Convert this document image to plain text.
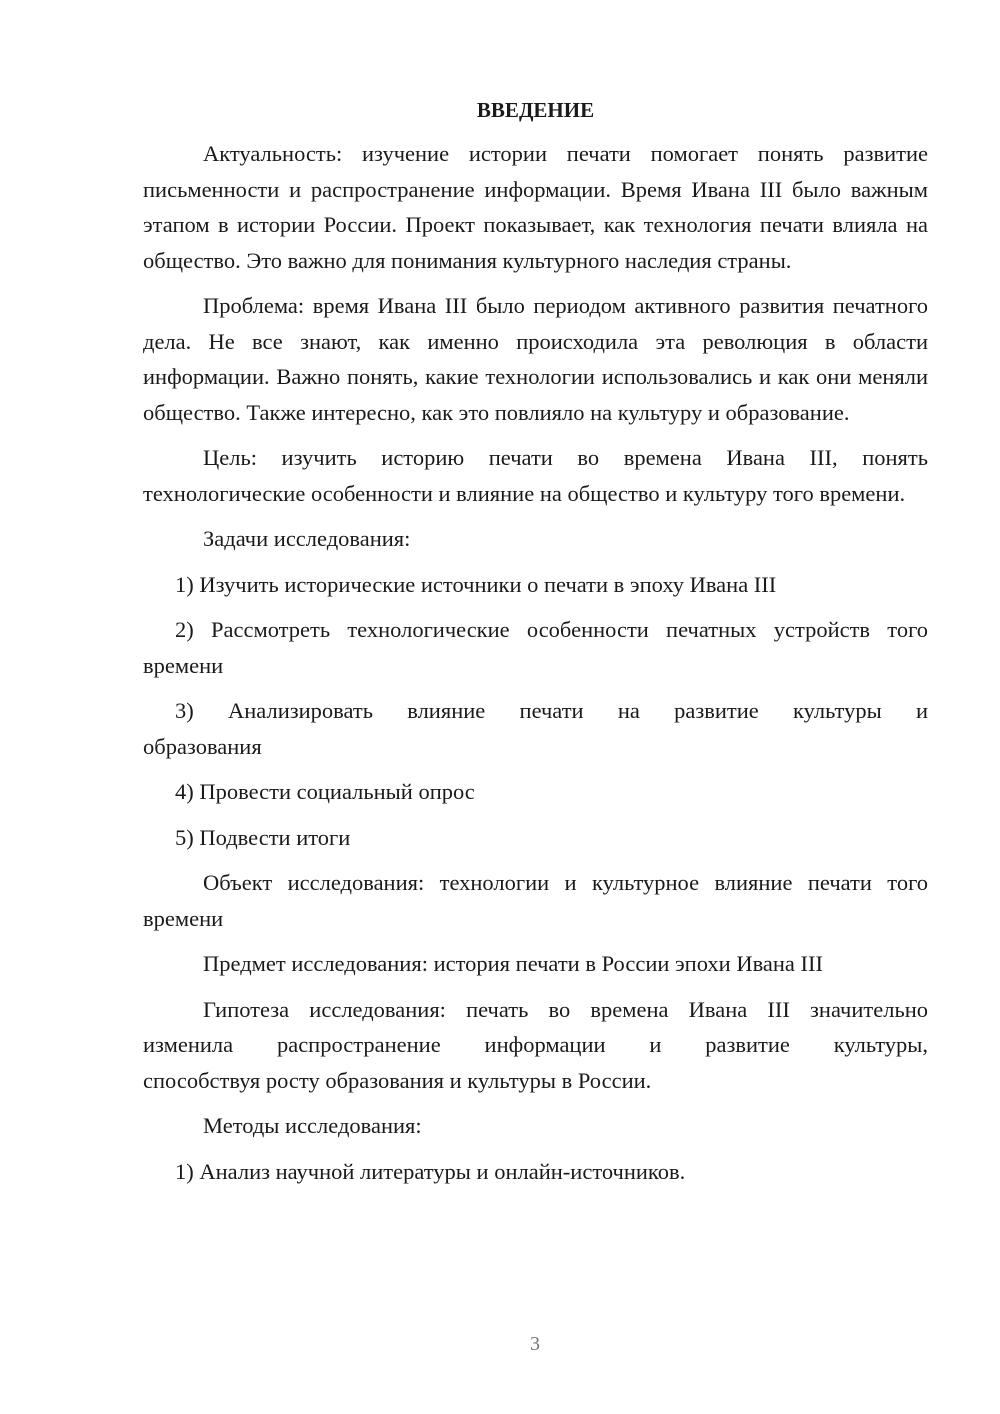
ВВЕДЕНИЕ

Актуальность: изучение истории печати помогает понять развитие письменности и распространение информации. Время Ивана III было важным этапом в истории России. Проект показывает, как технология печати влияла на общество. Это важно для понимания культурного наследия страны.

Проблема: время Ивана III было периодом активного развития печатного дела. Не все знают, как именно происходила эта революция в области информации. Важно понять, какие технологии использовались и как они меняли общество. Также интересно, как это повлияло на культуру и образование.

Цель: изучить историю печати во времена Ивана III, понять технологические особенности и влияние на общество и культуру того времени.

Задачи исследования:

1) Изучить исторические источники о печати в эпоху Ивана III

2) Рассмотреть технологические особенности печатных устройств того времени

3) Анализировать влияние печати на развитие культуры и
образования

4) Провести социальный опрос

5) Подвести итоги

Объект исследования: технологии и культурное влияние печати того времени

Предмет исследования: история печати в России эпохи Ивана III

Гипотеза исследования: печать во времена Ивана III значительно
изменила распространение информации и развитие культуры,
способствуя росту образования и культуры в России.

Методы исследования:

1) Анализ научной литературы и онлайн-источников.

3
